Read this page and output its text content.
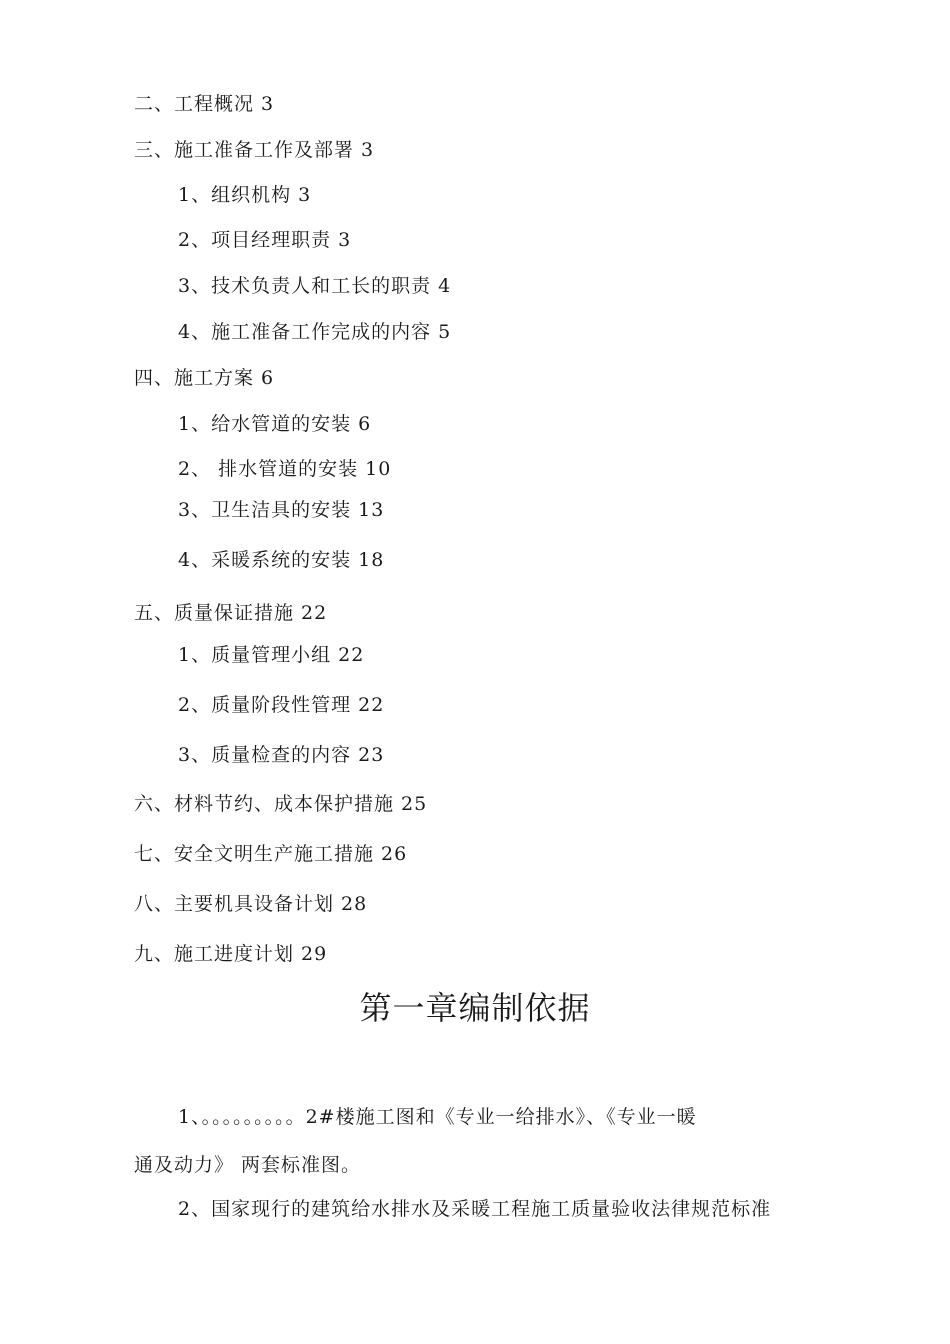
二、工程概况 3
三、施工准备工作及部署 3
1、组织机构 3
2、项目经理职责 3
3、技术负责人和工长的职责 4
4、施工准备工作完成的内容 5
四、施工方案 6
1、给水管道的安装 6
2、 排水管道的安装 10
3、卫生洁具的安装 13
4、采暖系统的安装 18
五、质量保证措施 22
1、质量管理小组 22
2、质量阶段性管理 22
3、质量检查的内容 23
六、材料节约、成本保护措施 25
七、安全文明生产施工措施 26
八、主要机具设备计划 28
九、施工进度计划 29
第一章编制依据
1、。。。。。。。。。2#楼施工图和《专业一给排水》、《专业一暖
通及动力》 两套标准图。
2、国家现行的建筑给水排水及采暖工程施工质量验收法律规范标准
